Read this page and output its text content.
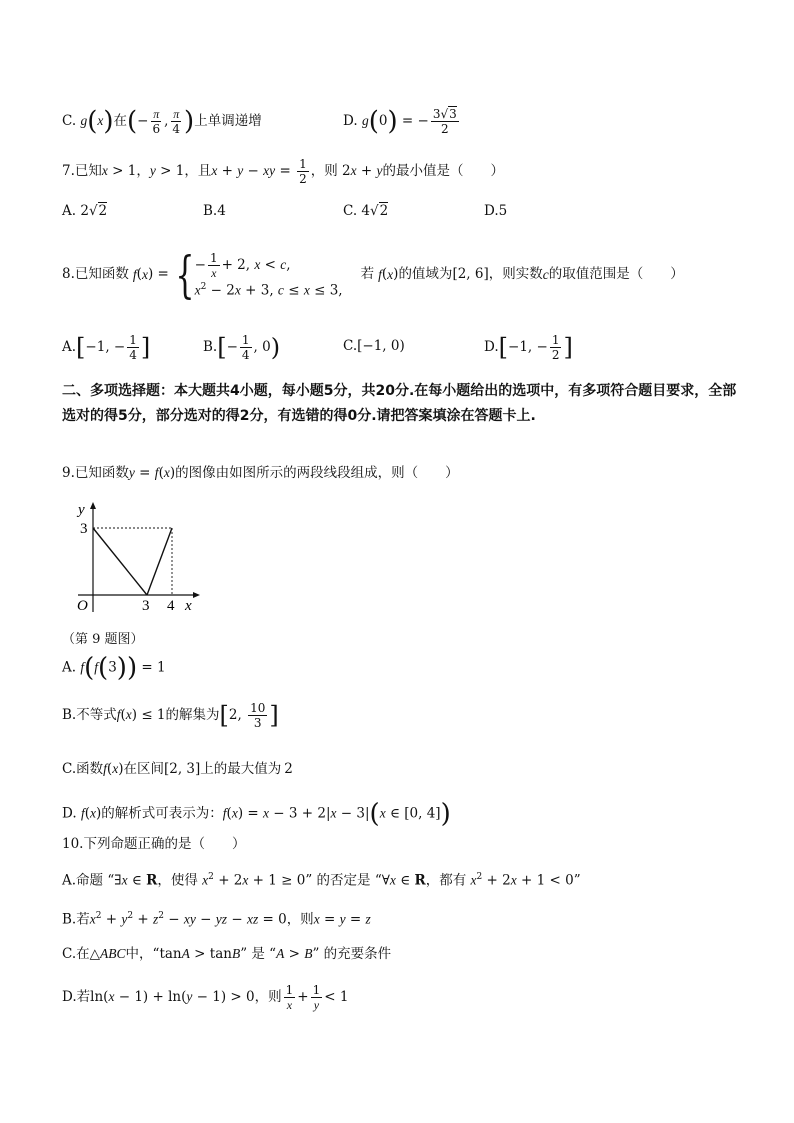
C. g(x)在(− $\frac{\pi}{6}$ , $\frac{\pi}{4}$ )上单调递增	D. g(0) = − $\frac{3√3}{2}$
7.已知x > 1，y > 1，且x + y − xy = $\frac{1}{2}$ ，则 2x + y的最小值是（　　）
A. 2√2	B.4	C. 4√2	D.5
8.已知函数 f ( x ) = { − $\frac{1}{x} + 2$, x < c,
$x^2 - 2x + 3$, c ≤ x ≤ 3,
若 f ( x ) 的值域为 [2, 6] ，则实数 c 的取值范围是（　　）
A.[−1, − $\frac{1}{4}$ ]	$B.[- \frac{1}{4}$ , 0)	C.[−1, 0)	D.[−1, − $\frac{1}{2}$ ]
二、多项选择题：本大题共4小题，每小题5分，共20分.在每小题给出的选项中，有多项符合题目要求，全部选对的得5分，部分选对的得2分，有选错的得0分.请把答案填涂在答题卡上.
9.已知函数y = f(x)的图像由如图所示的两段线段组成，则（　　）
y
3
O	3 4 x
（第 9 题图）
A. f(f(3)) = 1
B.不等式f(x) ≤ 1的解集为[2, $\frac{10}{3}$ ]
C.函数f(x)在区间[2, 3]上的最大值为 2
D. f(x)的解析式可表示为：f(x) = x − 3 + 2|x − 3|(x ∈ [0, 4])
10.下列命题正确的是（　　）
A.命题 “∃x ∈ R，使得 $x^2 + 2x + 1 \ge 0$” 的否定是 “∀x ∈ R，都有 $x^2 + 2x + 1 < 0$”
B.若$x^2 + y^2 + z^2$ − xy − yz − xz = 0，则x = y = z
C.在△ABC中，“tanA > tanB” 是 “A > B” 的充要条件
D.若ln(x − 1) + ln(y − 1) > 0，则 $\frac{1}{x} + \frac{1}{y} < 1$
